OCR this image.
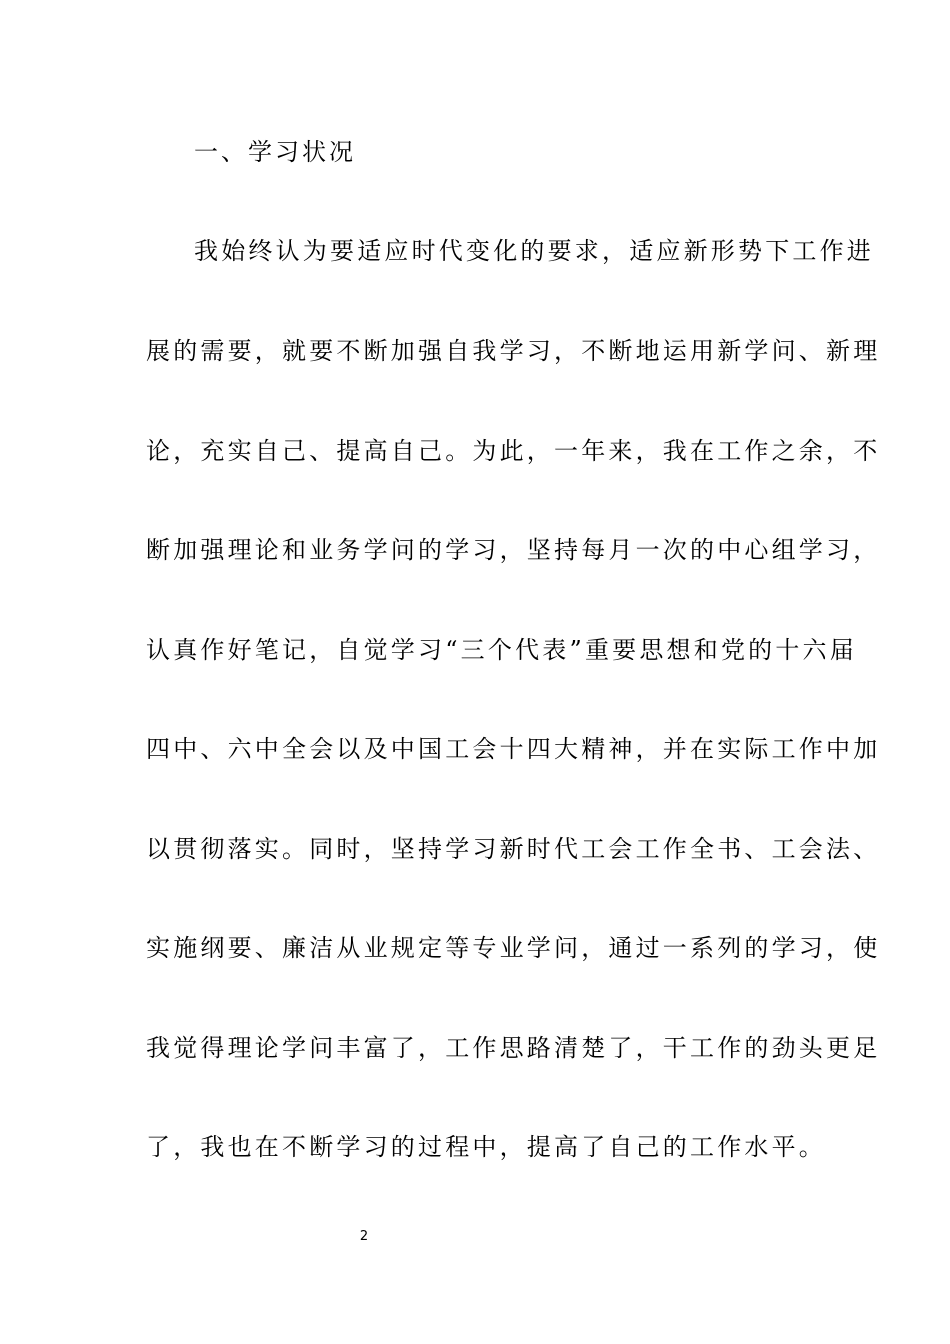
一、学习状况
我始终认为要适应时代变化的要求，适应新形势下工作进
展的需要，就要不断加强自我学习，不断地运用新学问、新理
论，充实自己、提高自己。为此，一年来，我在工作之余，不
断加强理论和业务学问的学习，坚持每月一次的中心组学习，
认真作好笔记，自觉学习“三个代表”重要思想和党的十六届
四中、六中全会以及中国工会十四大精神，并在实际工作中加
以贯彻落实。同时，坚持学习新时代工会工作全书、工会法、
实施纲要、廉洁从业规定等专业学问，通过一系列的学习，使
我觉得理论学问丰富了，工作思路清楚了，干工作的劲头更足
了，我也在不断学习的过程中，提高了自己的工作水平。
2
